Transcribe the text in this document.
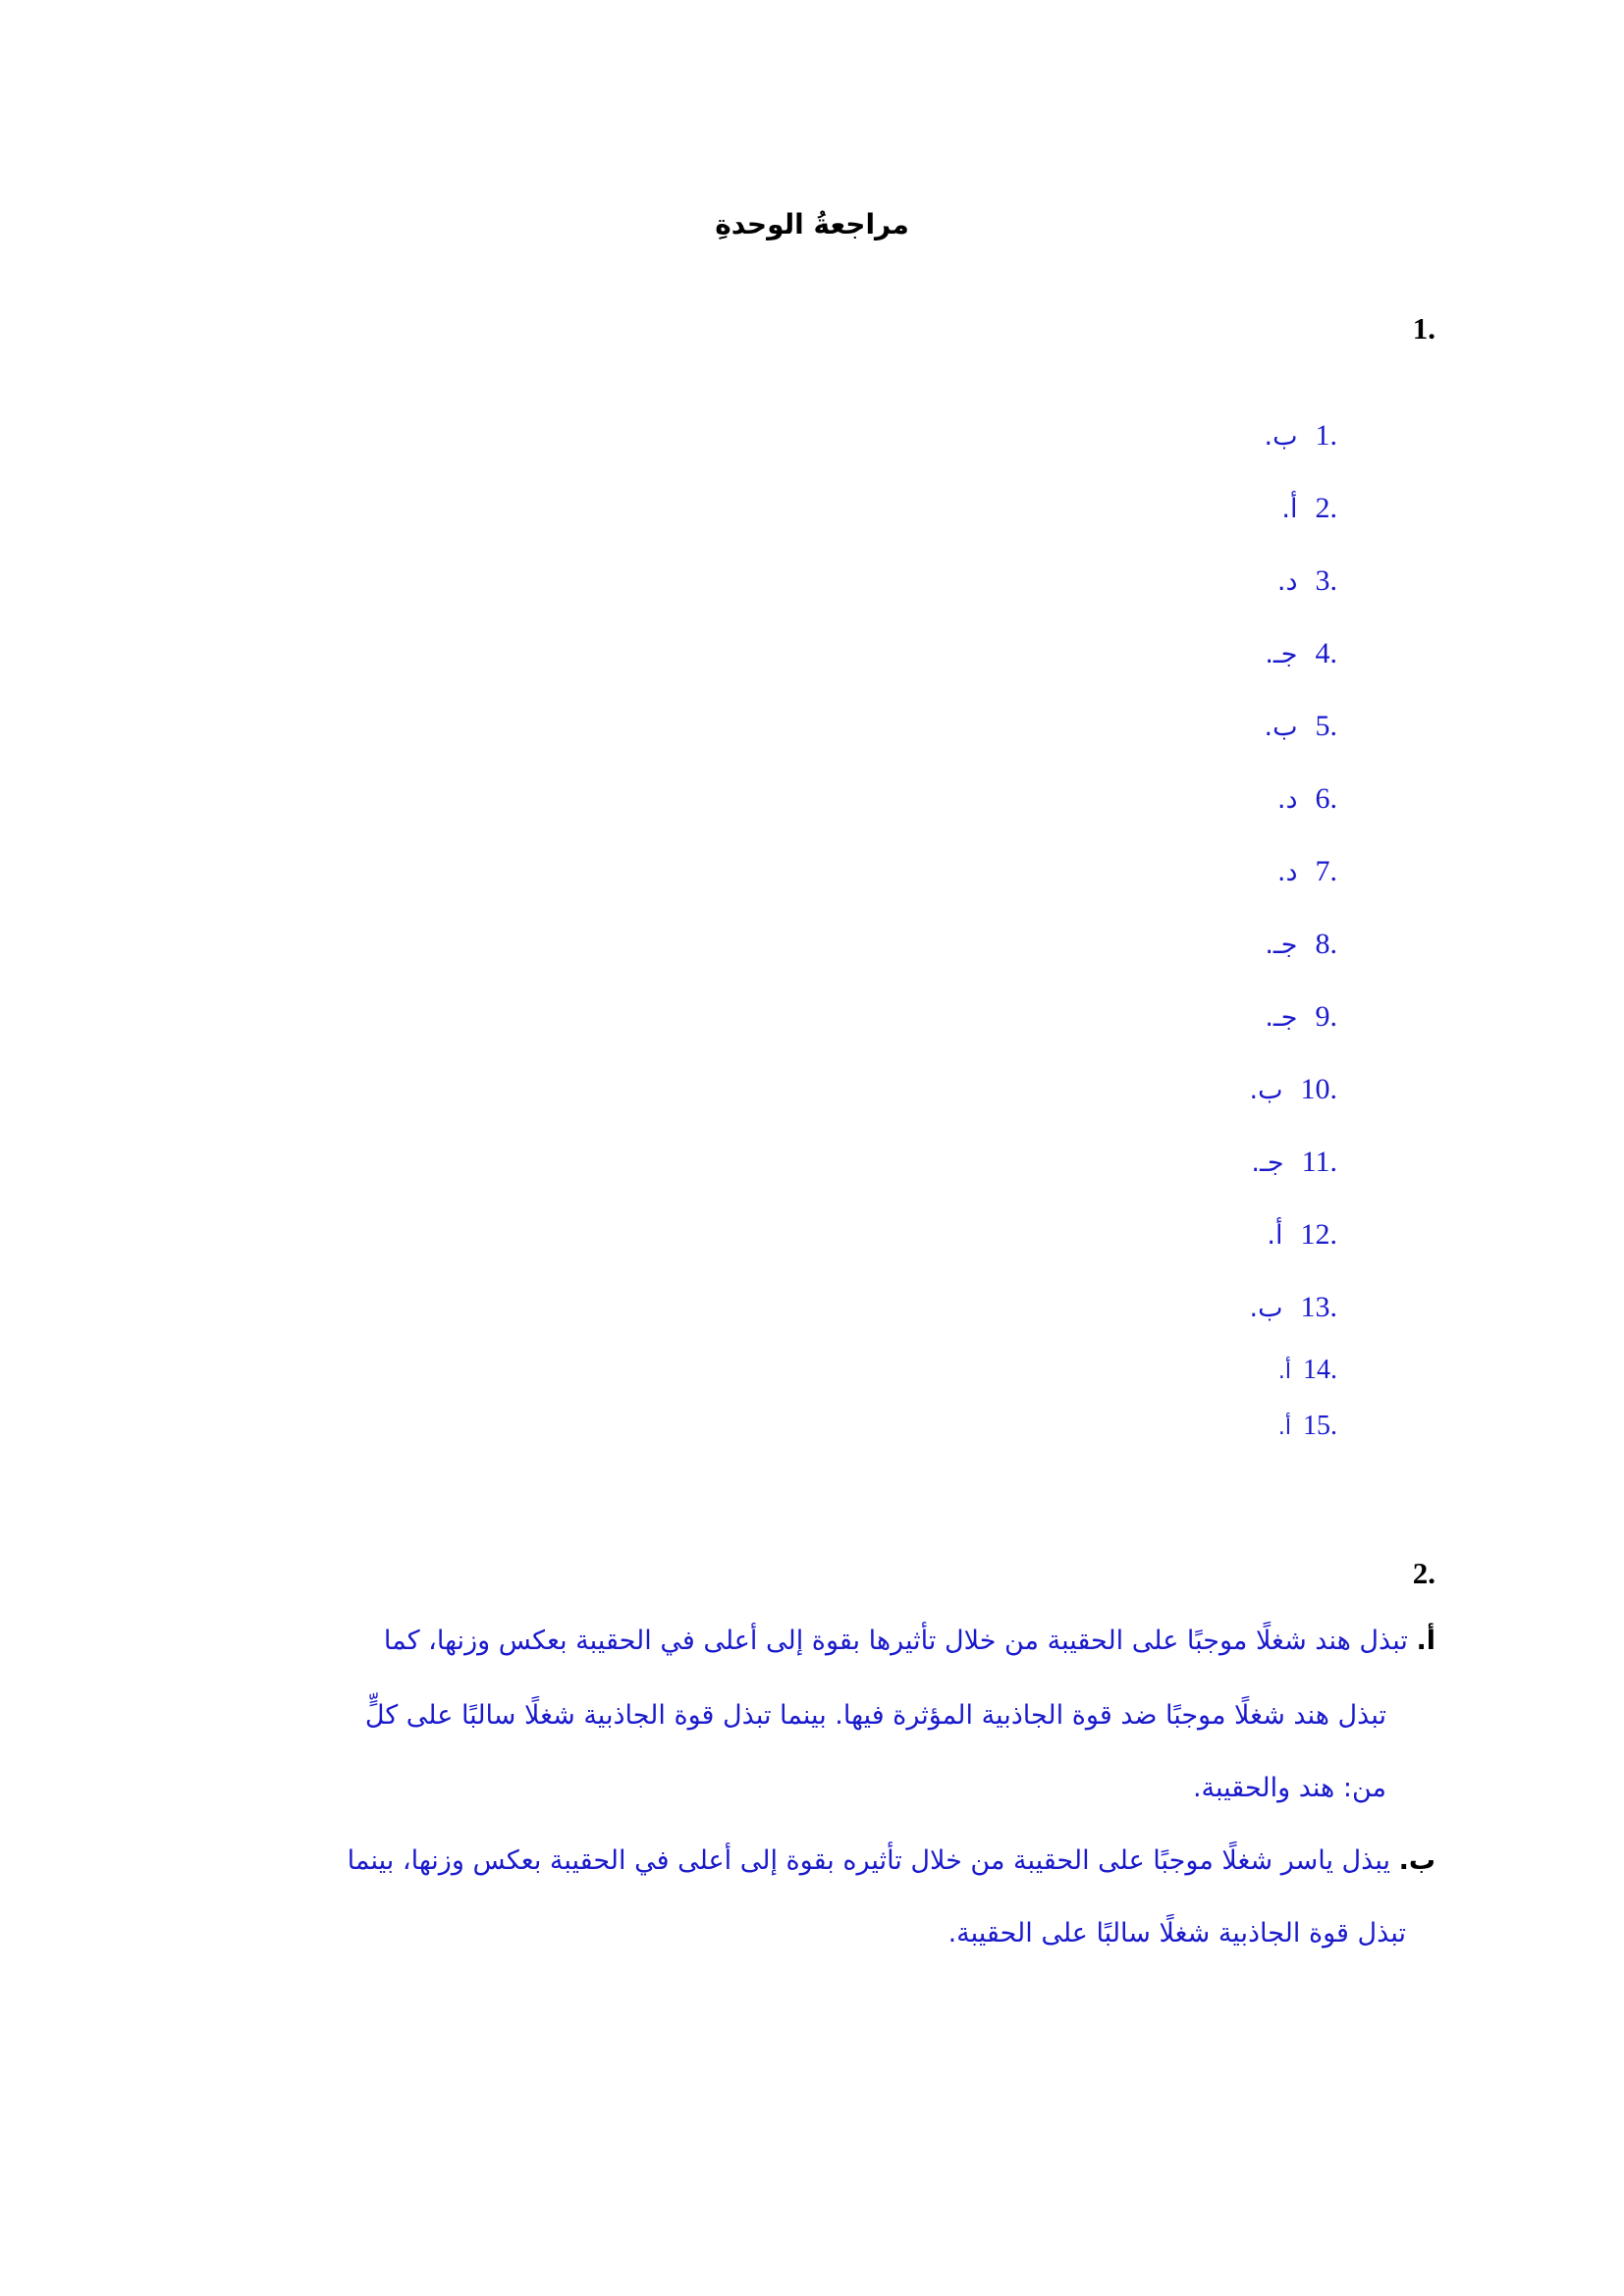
مراجعةُ الوحدةِ
.1
1.ب.
2.أ.
3.د.
4.جـ.
5.ب.
6.د.
7.د.
8.جـ.
9.جـ.
10.ب.
11.جـ.
12.أ.
13.ب.
14.أ.
15.أ.
.2
أ. تبذل هند شغلًا موجبًا على الحقيبة من خلال تأثيرها بقوة إلى أعلى في الحقيبة بعكس وزنها، كما
تبذل هند شغلًا موجبًا ضد قوة الجاذبية المؤثرة فيها. بينما تبذل قوة الجاذبية شغلًا سالبًا على كلٍّ
من: هند والحقيبة.
ب. يبذل ياسر شغلًا موجبًا على الحقيبة من خلال تأثيره بقوة إلى أعلى في الحقيبة بعكس وزنها، بينما
تبذل قوة الجاذبية شغلًا سالبًا على الحقيبة.
